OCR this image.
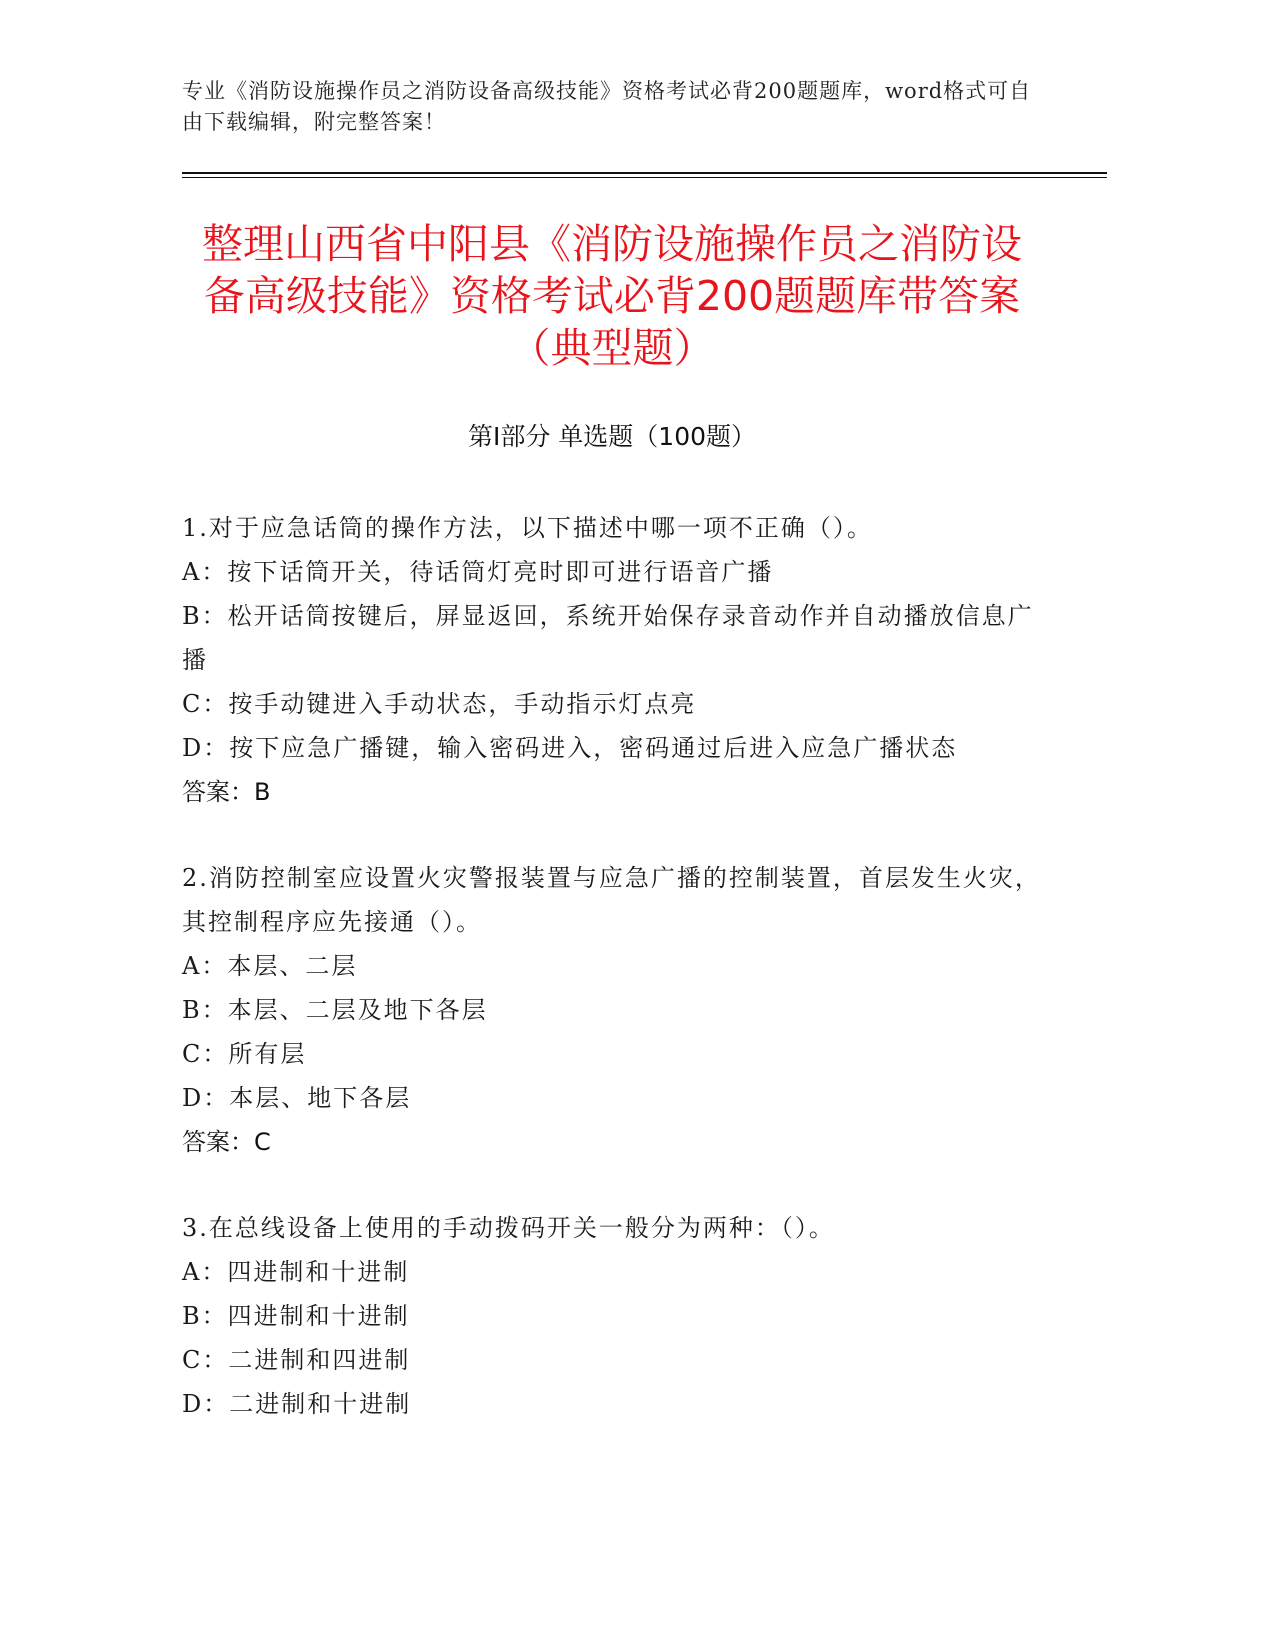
专业《消防设施操作员之消防设备高级技能》资格考试必背200题题库，word格式可自由下载编辑，附完整答案！
整理山西省中阳县《消防设施操作员之消防设备高级技能》资格考试必背200题题库带答案（典型题）
第Ⅰ部分 单选题（100题）

1.对于应急话筒的操作方法，以下描述中哪一项不正确（）。

A：按下话筒开关，待话筒灯亮时即可进行语音广播

B：松开话筒按键后，屏显返回，系统开始保存录音动作并自动播放信息广播

C：按手动键进入手动状态，手动指示灯点亮

D：按下应急广播键，输入密码进入，密码通过后进入应急广播状态

答案：B

2.消防控制室应设置火灾警报装置与应急广播的控制装置，首层发生火灾，其控制程序应先接通（）。

A：本层、二层

B：本层、二层及地下各层

C：所有层

D：本层、地下各层

答案：C

3.在总线设备上使用的手动拨码开关一般分为两种：（）。

A：四进制和十进制

B：四进制和十进制

C：二进制和四进制

D：二进制和十进制
